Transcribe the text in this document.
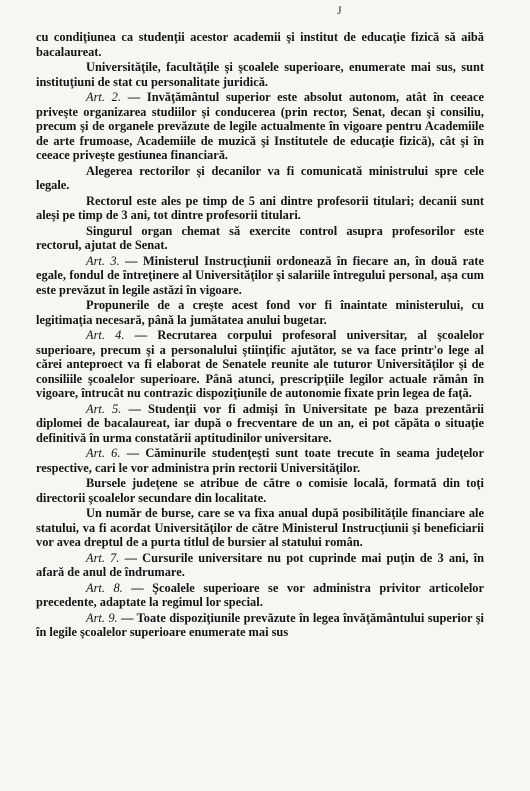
J

cu condiţiunea ca studenţii acestor academii şi institut de educaţie fizică să aibă bacalaureat.

Universităţile, facultăţile şi şcoalele superioare, enumerate mai sus, sunt instituţiuni de stat cu personalitate juridică.

Art. 2. — Invăţământul superior este absolut autonom, atât în ceeace priveşte organizarea studiilor şi conducerea (prin rector, Senat, decan şi consiliu, precum şi de organele prevăzute de legile actualmente în vigoare pentru Academiile de arte frumoase, Academiile de muzică şi Institutele de educaţie fizică), cât şi în ceeace priveşte gestiunea financiară.

Alegerea rectorilor şi decanilor va fi comunicată ministrului spre cele legale.

Rectorul este ales pe timp de 5 ani dintre profesorii titulari; decanii sunt aleşi pe timp de 3 ani, tot dintre profesorii titulari.

Singurul organ chemat să exercite control asupra profesorilor este rectorul, ajutat de Senat.

Art. 3. — Ministerul Instrucţiunii ordonează în fiecare an, în două rate egale, fondul de întreţinere al Universităţilor şi salariile întregului personal, aşa cum este prevăzut în legile astăzi în vigoare.

Propunerile de a creşte acest fond vor fi înaintate ministerului, cu legitimaţia necesară, până la jumătatea anului bugetar.

Art. 4. — Recrutarea corpului profesoral universitar, al şcoalelor superioare, precum şi a personalului ştiinţific ajutător, se va face printr'o lege al cărei anteproect va fi elaborat de Senatele reunite ale tuturor Universităţilor şi de consiliile şcoalelor superioare. Până atunci, prescripţiile legilor actuale rămân în vigoare, întrucât nu contrazic dispoziţiunile de autonomie fixate prin legea de faţă.

Art. 5. — Studenţii vor fi admişi în Universitate pe baza prezentării diplomei de bacalaureat, iar după o frecventare de un an, ei pot căpăta o situaţie definitivă în urma constatării aptitudinilor universitare.

Art. 6. — Căminurile studenţeşti sunt toate trecute în seama judeţelor respective, cari le vor administra prin rectorii Universităţilor.

Bursele judeţene se atribue de către o comisie locală, formată din toţi directorii şcoalelor secundare din localitate.

Un număr de burse, care se va fixa anual după posibilităţile financiare ale statului, va fi acordat Universităţilor de către Ministerul Instrucţiunii şi beneficiarii vor avea dreptul de a purta titlul de bursier al statului român.

Art. 7. — Cursurile universitare nu pot cuprinde mai puţin de 3 ani, în afară de anul de îndrumare.

Art. 8. — Şcoalele superioare se vor administra privitor articolelor precedente, adaptate la regimul lor special.

Art. 9. — Toate dispoziţiunile prevăzute în legea învăţământului superior şi în legile şcoalelor superioare enumerate mai sus
